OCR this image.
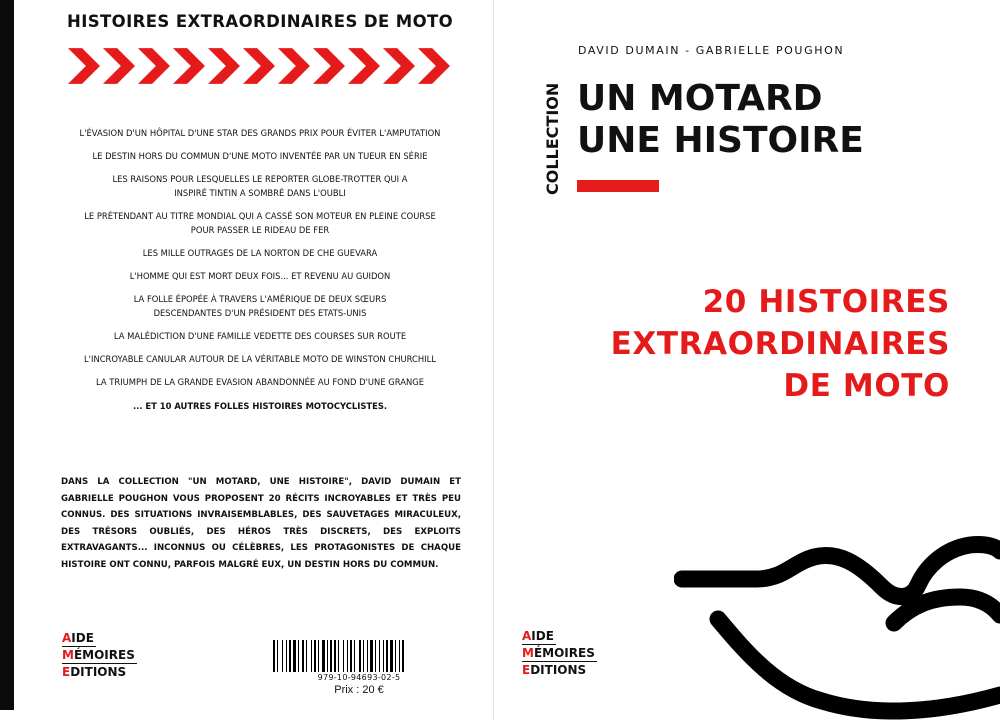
HISTOIRES EXTRAORDINAIRES DE MOTO
L'ÉVASION D'UN HÔPITAL D'UNE STAR DES GRANDS PRIX POUR ÉVITER L'AMPUTATION
LE DESTIN HORS DU COMMUN D'UNE MOTO INVENTÉE PAR UN TUEUR EN SÉRIE
LES RAISONS POUR LESQUELLES LE REPORTER GLOBE-TROTTER QUI A INSPIRÉ TINTIN A SOMBRÉ DANS L'OUBLI
LE PRÉTENDANT AU TITRE MONDIAL QUI A CASSÉ SON MOTEUR EN PLEINE COURSE POUR PASSER LE RIDEAU DE FER
LES MILLE OUTRAGES DE LA NORTON DE CHE GUEVARA
L'HOMME QUI EST MORT DEUX FOIS... ET REVENU AU GUIDON
LA FOLLE ÉPOPÉE À TRAVERS L'AMÉRIQUE DE DEUX SŒURS DESCENDANTES D'UN PRÉSIDENT DES ETATS-UNIS
LA MALÉDICTION D'UNE FAMILLE VEDETTE DES COURSES SUR ROUTE
L'INCROYABLE CANULAR AUTOUR DE LA VÉRITABLE MOTO DE WINSTON CHURCHILL
LA TRIUMPH DE LA GRANDE EVASION ABANDONNÉE AU FOND D'UNE GRANGE
... ET 10 AUTRES FOLLES HISTOIRES MOTOCYCLISTES.
DANS LA COLLECTION "UN MOTARD, UNE HISTOIRE", DAVID DUMAIN ET GABRIELLE POUGHON VOUS PROPOSENT 20 RÉCITS INCROYABLES ET TRÈS PEU CONNUS. DES SITUATIONS INVRAISEMBLABLES, DES SAUVETAGES MIRACULEUX, DES TRÉSORS OUBLIÉS, DES HÉROS TRÈS DISCRETS, DES EXPLOITS EXTRAVAGANTS... INCONNUS OU CÉLÈBRES, LES PROTAGONISTES DE CHAQUE HISTOIRE ONT CONNU, PARFOIS MALGRÉ EUX, UN DESTIN HORS DU COMMUN.
AIDE
MÉMOIRES
EDITIONS	979-10-94693-02-5
Prix : 20 €
DAVID DUMAIN - GABRIELLE POUGHON
COLLECTION UN MOTARD
UNE HISTOIRE
20 HISTOIRES
EXTRAORDINAIRES
DE MOTO
AIDE
MÉMOIRES
EDITIONS
